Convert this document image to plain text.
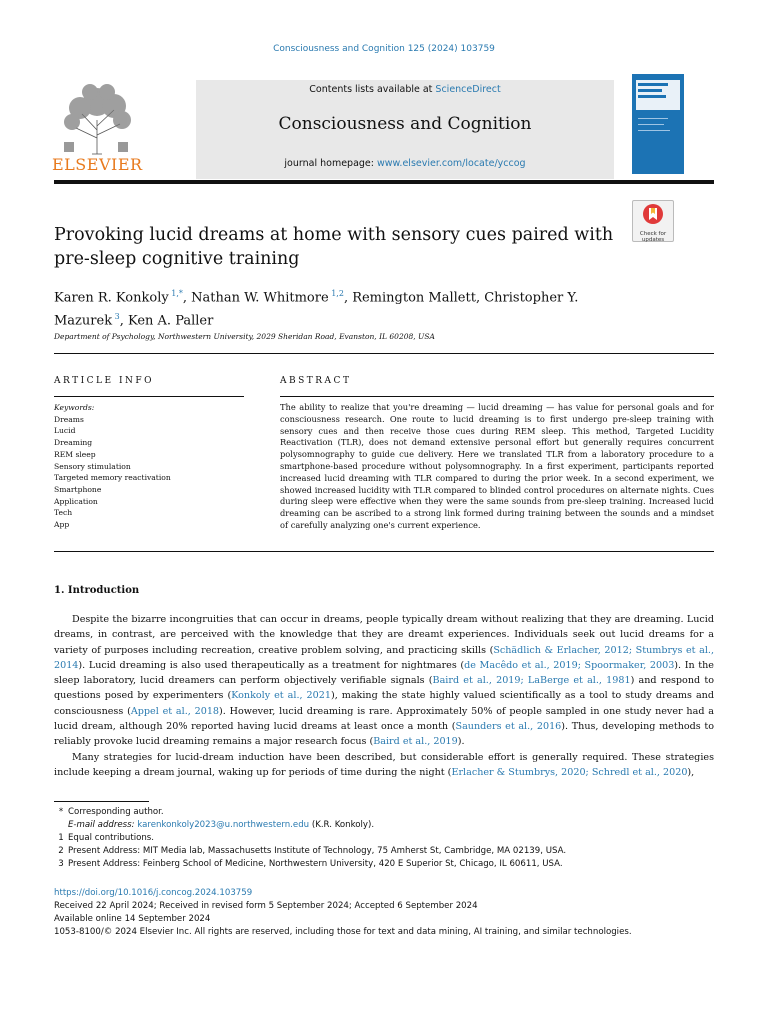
Consciousness and Cognition 125 (2024) 103759
ELSEVIER
Contents lists available at ScienceDirect
Consciousness and Cognition
journal homepage: www.elsevier.com/locate/yccog
Check for updates
Provoking lucid dreams at home with sensory cues paired with pre-sleep cognitive training
Karen R. Konkoly $^{1,*}$, Nathan W. Whitmore $^{1,2}$, Remington Mallett, Christopher Y. Mazurek $^3$, Ken A. Paller
Department of Psychology, Northwestern University, 2029 Sheridan Road, Evanston, IL 60208, USA
ARTICLE INFO	ABSTRACT
Keywords:
Dreams
Lucid
Dreaming
REM sleep
Sensory stimulation
Targeted memory reactivation
Smartphone
Application
Tech
App
The ability to realize that you're dreaming — lucid dreaming — has value for personal goals and for consciousness research. One route to lucid dreaming is to first undergo pre-sleep training with sensory cues and then receive those cues during REM sleep. This method, Targeted Lucidity Reactivation (TLR), does not demand extensive personal effort but generally requires concurrent polysomnography to guide cue delivery. Here we translated TLR from a laboratory procedure to a smartphone-based procedure without polysomnography. In a first experiment, participants reported increased lucid dreaming with TLR compared to during the prior week. In a second experiment, we showed increased lucidity with TLR compared to blinded control procedures on alternate nights. Cues during sleep were effective when they were the same sounds from pre-sleep training. Increased lucid dreaming can be ascribed to a strong link formed during training between the sounds and a mindset of carefully analyzing one's current experience.
1. Introduction

Despite the bizarre incongruities that can occur in dreams, people typically dream without realizing that they are dreaming. Lucid dreams, in contrast, are perceived with the knowledge that they are dreamt experiences. Individuals seek out lucid dreams for a variety of purposes including recreation, creative problem solving, and practicing skills (Schädlich & Erlacher, 2012; Stumbrys et al., 2014). Lucid dreaming is also used therapeutically as a treatment for nightmares (de Macêdo et al., 2019; Spoormaker, 2003). In the sleep laboratory, lucid dreamers can perform objectively verifiable signals (Baird et al., 2019; LaBerge et al., 1981) and respond to questions posed by experimenters (Konkoly et al., 2021), making the state highly valued scientifically as a tool to study dreams and consciousness (Appel et al., 2018). However, lucid dreaming is rare. Approximately 50% of people sampled in one study never had a lucid dream, although 20% reported having lucid dreams at least once a month (Saunders et al., 2016). Thus, developing methods to reliably provoke lucid dreaming remains a major research focus (Baird et al., 2019).

Many strategies for lucid-dream induction have been described, but considerable effort is generally required. These strategies include keeping a dream journal, waking up for periods of time during the night (Erlacher & Stumbrys, 2020; Schredl et al., 2020),

* Corresponding author.
E-mail address: karenkonkoly2023@u.northwestern.edu (K.R. Konkoly).
1 Equal contributions.
2 Present Address: MIT Media lab, Massachusetts Institute of Technology, 75 Amherst St, Cambridge, MA 02139, USA.
3 Present Address: Feinberg School of Medicine, Northwestern University, 420 E Superior St, Chicago, IL 60611, USA.
https://doi.org/10.1016/j.concog.2024.103759
Received 22 April 2024; Received in revised form 5 September 2024; Accepted 6 September 2024
Available online 14 September 2024
1053-8100/© 2024 Elsevier Inc. All rights are reserved, including those for text and data mining, AI training, and similar technologies.
